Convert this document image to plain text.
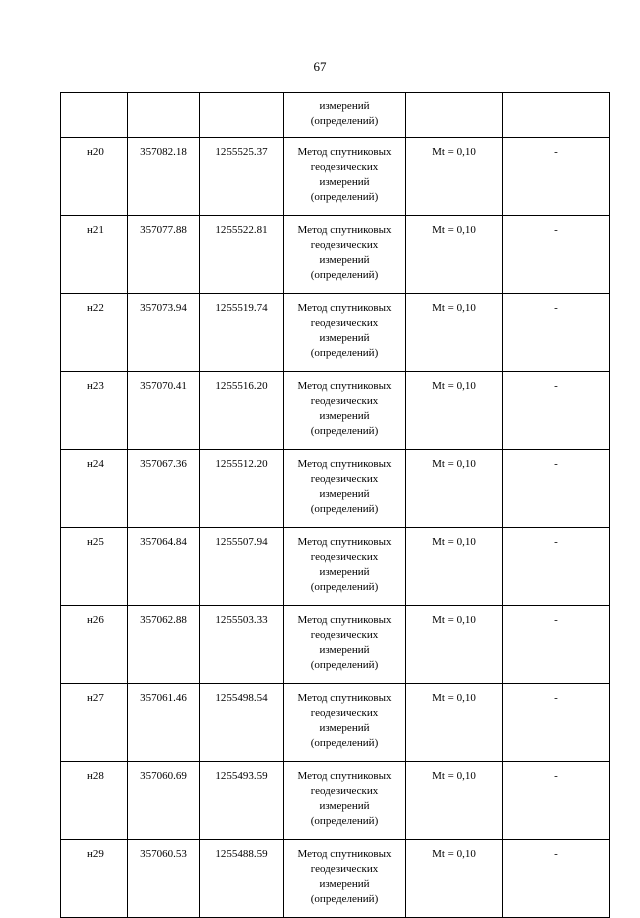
67

			измерений
(определений)		

н20	357082.18	1255525.37	Метод спутниковых
геодезических
измерений
(определений)	Mt = 0,10	-
н21	357077.88	1255522.81	Метод спутниковых
геодезических
измерений
(определений)	Mt = 0,10	-
н22	357073.94	1255519.74	Метод спутниковых
геодезических
измерений
(определений)	Mt = 0,10	-
н23	357070.41	1255516.20	Метод спутниковых
геодезических
измерений
(определений)	Mt = 0,10	-
н24	357067.36	1255512.20	Метод спутниковых
геодезических
измерений
(определений)	Mt = 0,10	-
н25	357064.84	1255507.94	Метод спутниковых
геодезических
измерений
(определений)	Mt = 0,10	-
н26	357062.88	1255503.33	Метод спутниковых
геодезических
измерений
(определений)	Mt = 0,10	-
н27	357061.46	1255498.54	Метод спутниковых
геодезических
измерений
(определений)	Mt = 0,10	-
н28	357060.69	1255493.59	Метод спутниковых
геодезических
измерений
(определений)	Mt = 0,10	-
н29	357060.53	1255488.59	Метод спутниковых
геодезических
измерений
(определений)	Mt = 0,10	-
